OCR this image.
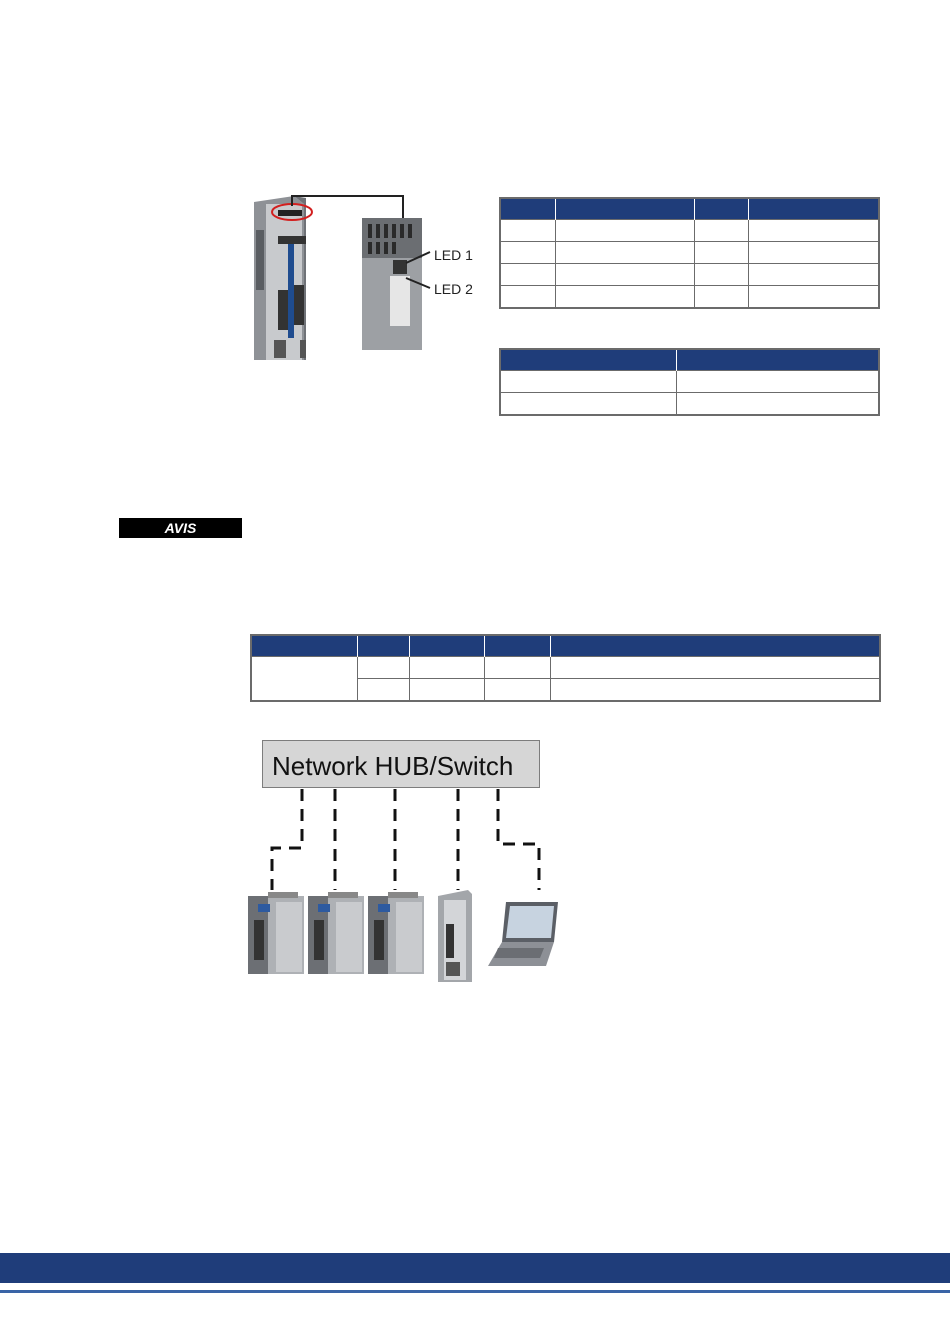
LED 1
LED 2

AVIS

Network HUB/Switch
